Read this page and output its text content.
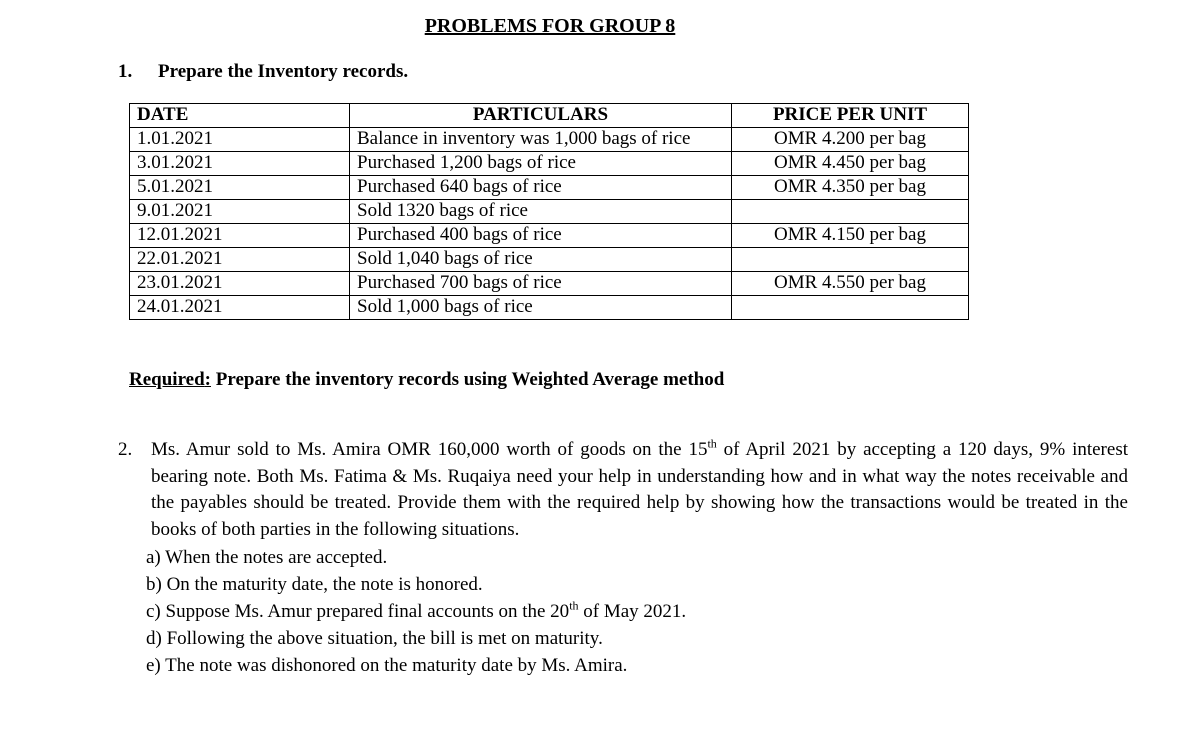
PROBLEMS FOR GROUP 8
1. Prepare the Inventory records.
DATE	PARTICULARS	PRICE PER UNIT
1.01.2021	Balance in inventory was 1,000 bags of rice	OMR 4.200 per bag
3.01.2021	Purchased 1,200 bags of rice	OMR 4.450 per bag
5.01.2021	Purchased 640 bags of rice	OMR 4.350 per bag
9.01.2021	Sold 1320 bags of rice	
12.01.2021	Purchased 400 bags of rice	OMR 4.150 per bag
22.01.2021	Sold 1,040 bags of rice	
23.01.2021	Purchased 700 bags of rice	OMR 4.550 per bag
24.01.2021	Sold 1,000 bags of rice	
Required: Prepare the inventory records using Weighted Average method
2. Ms. Amur sold to Ms. Amira OMR 160,000 worth of goods on the 15th of April 2021 by accepting a 120 days, 9% interest bearing note. Both Ms. Fatima & Ms. Ruqaiya need your help in understanding how and in what way the notes receivable and the payables should be treated. Provide them with the required help by showing how the transactions would be treated in the books of both parties in the following situations.
a) When the notes are accepted.
b) On the maturity date, the note is honored.
c) Suppose Ms. Amur prepared final accounts on the 20th of May 2021.
d) Following the above situation, the bill is met on maturity.
e) The note was dishonored on the maturity date by Ms. Amira.
